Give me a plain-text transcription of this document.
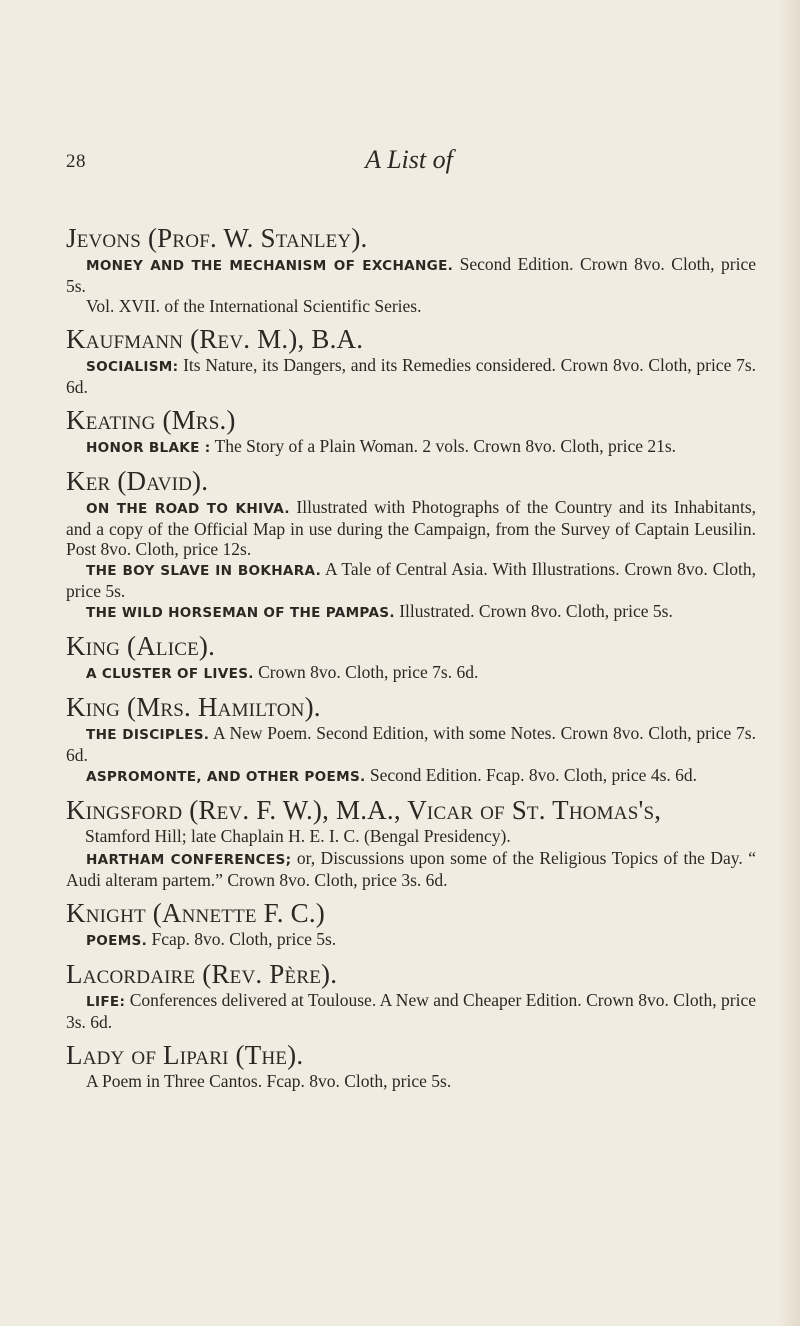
28	A List of
Jevons (Prof. W. Stanley).

MONEY AND THE MECHANISM OF EXCHANGE. Second Edition. Crown 8vo. Cloth, price 5s.
Vol. XVII. of the International Scientific Series.

Kaufmann (Rev. M.), B.A.

SOCIALISM: Its Nature, its Dangers, and its Remedies considered. Crown 8vo. Cloth, price 7s. 6d.

Keating (Mrs.)

HONOR BLAKE : The Story of a Plain Woman. 2 vols. Crown 8vo. Cloth, price 21s.

Ker (David).

ON THE ROAD TO KHIVA. Illustrated with Photographs of the Country and its Inhabitants, and a copy of the Official Map in use during the Campaign, from the Survey of Captain Leusilin. Post 8vo. Cloth, price 12s.

THE BOY SLAVE IN BOKHARA. A Tale of Central Asia. With Illustrations. Crown 8vo. Cloth, price 5s.

THE WILD HORSEMAN OF THE PAMPAS. Illustrated. Crown 8vo. Cloth, price 5s.

King (Alice).

A CLUSTER OF LIVES. Crown 8vo. Cloth, price 7s. 6d.

King (Mrs. Hamilton).

THE DISCIPLES. A New Poem. Second Edition, with some Notes. Crown 8vo. Cloth, price 7s. 6d.

ASPROMONTE, AND OTHER POEMS. Second Edition. Fcap. 8vo. Cloth, price 4s. 6d.

Kingsford (Rev. F. W.), M.A., Vicar of St. Thomas's,
Stamford Hill; late Chaplain H. E. I. C. (Bengal Presidency).

HARTHAM CONFERENCES; or, Discussions upon some of the Religious Topics of the Day. “ Audi alteram partem.” Crown 8vo. Cloth, price 3s. 6d.

Knight (Annette F. C.)

POEMS. Fcap. 8vo. Cloth, price 5s.

Lacordaire (Rev. Père).

LIFE: Conferences delivered at Toulouse. A New and Cheaper Edition. Crown 8vo. Cloth, price 3s. 6d.

Lady of Lipari (The).

A Poem in Three Cantos. Fcap. 8vo. Cloth, price 5s.
